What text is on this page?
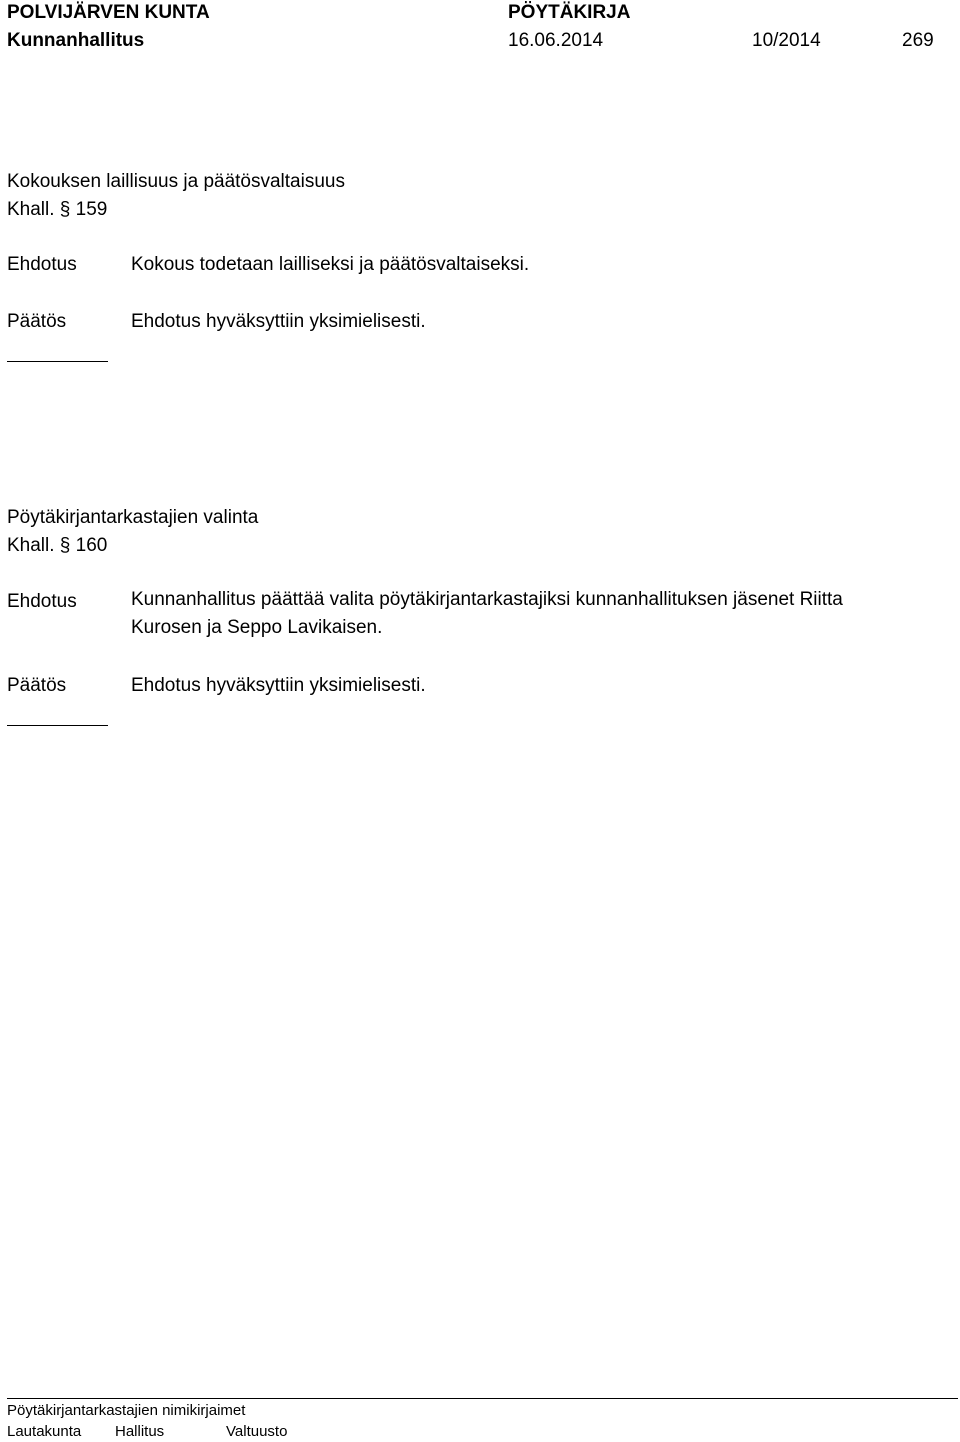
POLVIJÄRVEN KUNTA	PÖYTÄKIRJA
Kunnanhallitus	16.06.2014	10/2014	269
Kokouksen laillisuus ja päätösvaltaisuus
Khall. § 159
Ehdotus	Kokous todetaan lailliseksi ja päätösvaltaiseksi.
Päätös	Ehdotus hyväksyttiin yksimielisesti.
Pöytäkirjantarkastajien valinta
Khall. § 160
Ehdotus	Kunnanhallitus päättää valita pöytäkirjantarkastajiksi kunnanhallituksen jäsenet Riitta
Kurosen ja Seppo Lavikaisen.
Päätös	Ehdotus hyväksyttiin yksimielisesti.
Pöytäkirjantarkastajien nimikirjaimet
Lautakunta Hallitus	Valtuusto
